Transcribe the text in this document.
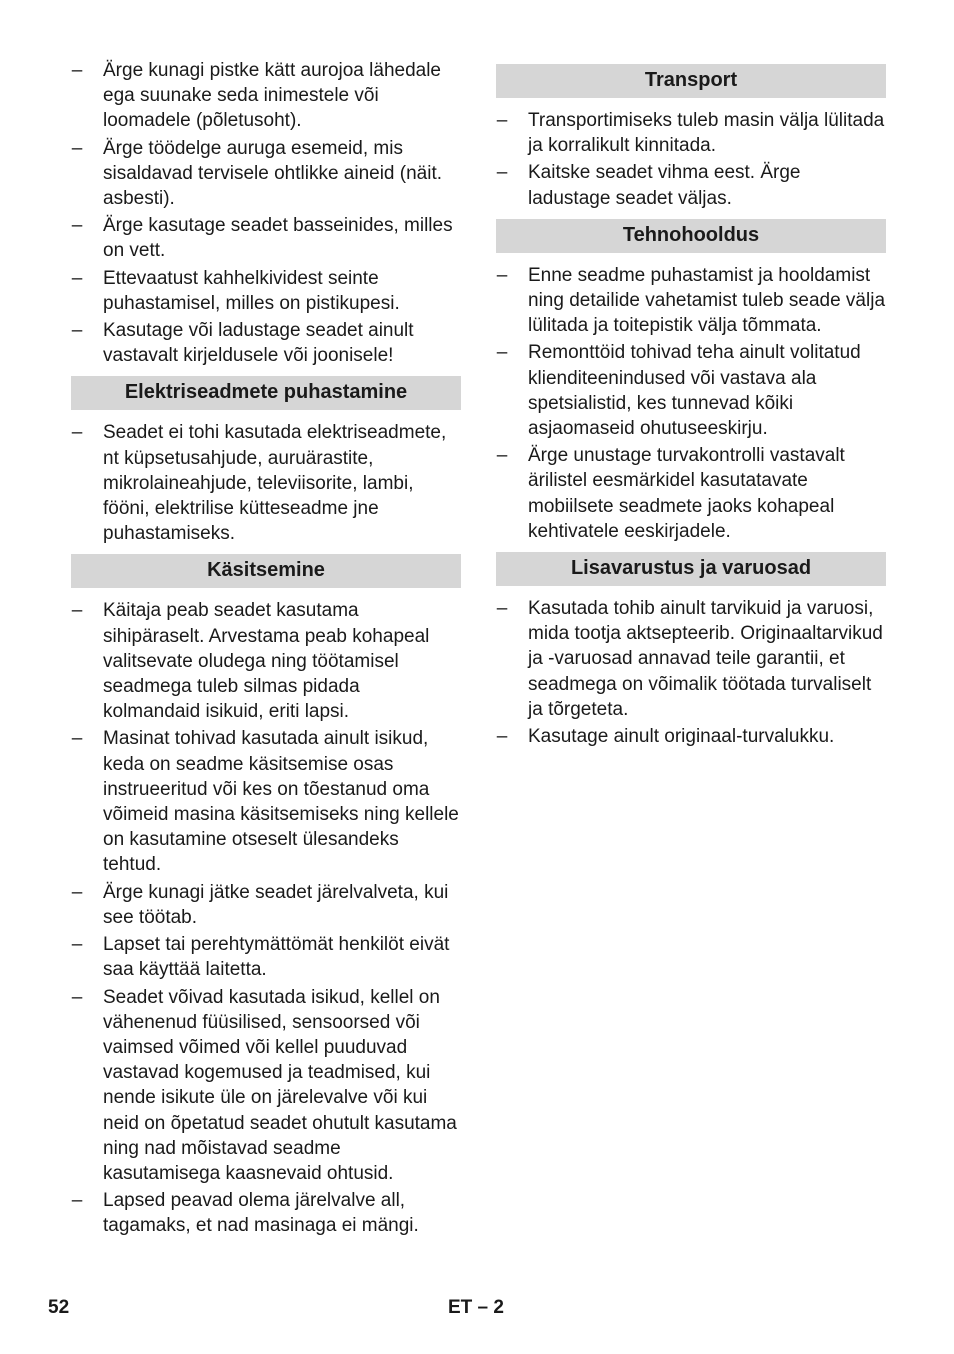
– Ärge kunagi pistke kätt aurojoa lähedale ega suunake seda inimestele või loomadele (põletusoht).
– Ärge töödelge auruga esemeid, mis sisaldavad tervisele ohtlikke aineid (näit. asbesti).
– Ärge kasutage seadet basseinides, milles on vett.
– Ettevaatust kahhelkividest seinte puhastamisel, milles on pistikupesi.
– Kasutage või ladustage seadet ainult vastavalt kirjeldusele või joonisele!
Elektriseadmete puhastamine
– Seadet ei tohi kasutada elektriseadmete, nt küpsetusahjude, auruärastite, mikrolaineahjude, televiisorite, lambi, fööni, elektrilise kütteseadme jne puhastamiseks.
Käsitsemine
– Käitaja peab seadet kasutama sihipäraselt. Arvestama peab kohapeal valitsevate oludega ning töötamisel seadmega tuleb silmas pidada kolmandaid isikuid, eriti lapsi.
– Masinat tohivad kasutada ainult isikud, keda on seadme käsitsemise osas instrueeritud või kes on tõestanud oma võimeid masina käsitsemiseks ning kellele on kasutamine otseselt ülesandeks tehtud.
– Ärge kunagi jätke seadet järelvalveta, kui see töötab.
– Lapset tai perehtymättömät henkilöt eivät saa käyttää laitetta.
– Seadet võivad kasutada isikud, kellel on vähenenud füüsilised, sensoorsed või vaimsed võimed või kellel puuduvad vastavad kogemused ja teadmised, kui nende isikute üle on järelevalve või kui neid on õpetatud seadet ohutult kasutama ning nad mõistavad seadme kasutamisega kaasnevaid ohtusid.
– Lapsed peavad olema järelvalve all, tagamaks, et nad masinaga ei mängi.
Transport
– Transportimiseks tuleb masin välja lülitada ja korralikult kinnitada.
– Kaitske seadet vihma eest. Ärge ladustage seadet väljas.
Tehnohooldus
– Enne seadme puhastamist ja hooldamist ning detailide vahetamist tuleb seade välja lülitada ja toitepistik välja tõmmata.
– Remonttöid tohivad teha ainult volitatud klienditeenindused või vastava ala spetsialistid, kes tunnevad kõiki asjaomaseid ohutuseeskirju.
– Ärge unustage turvakontrolli vastavalt ärilistel eesmärkidel kasutatavate mobiilsete seadmete jaoks kohapeal kehtivatele eeskirjadele.
Lisavarustus ja varuosad
– Kasutada tohib ainult tarvikuid ja varuosi, mida tootja aktsepteerib. Originaaltarvikud ja -varuosad annavad teile garantii, et seadmega on võimalik töötada turvaliselt ja tõrgeteta.
– Kasutage ainult originaal-turvalukku.
52	ET – 2
